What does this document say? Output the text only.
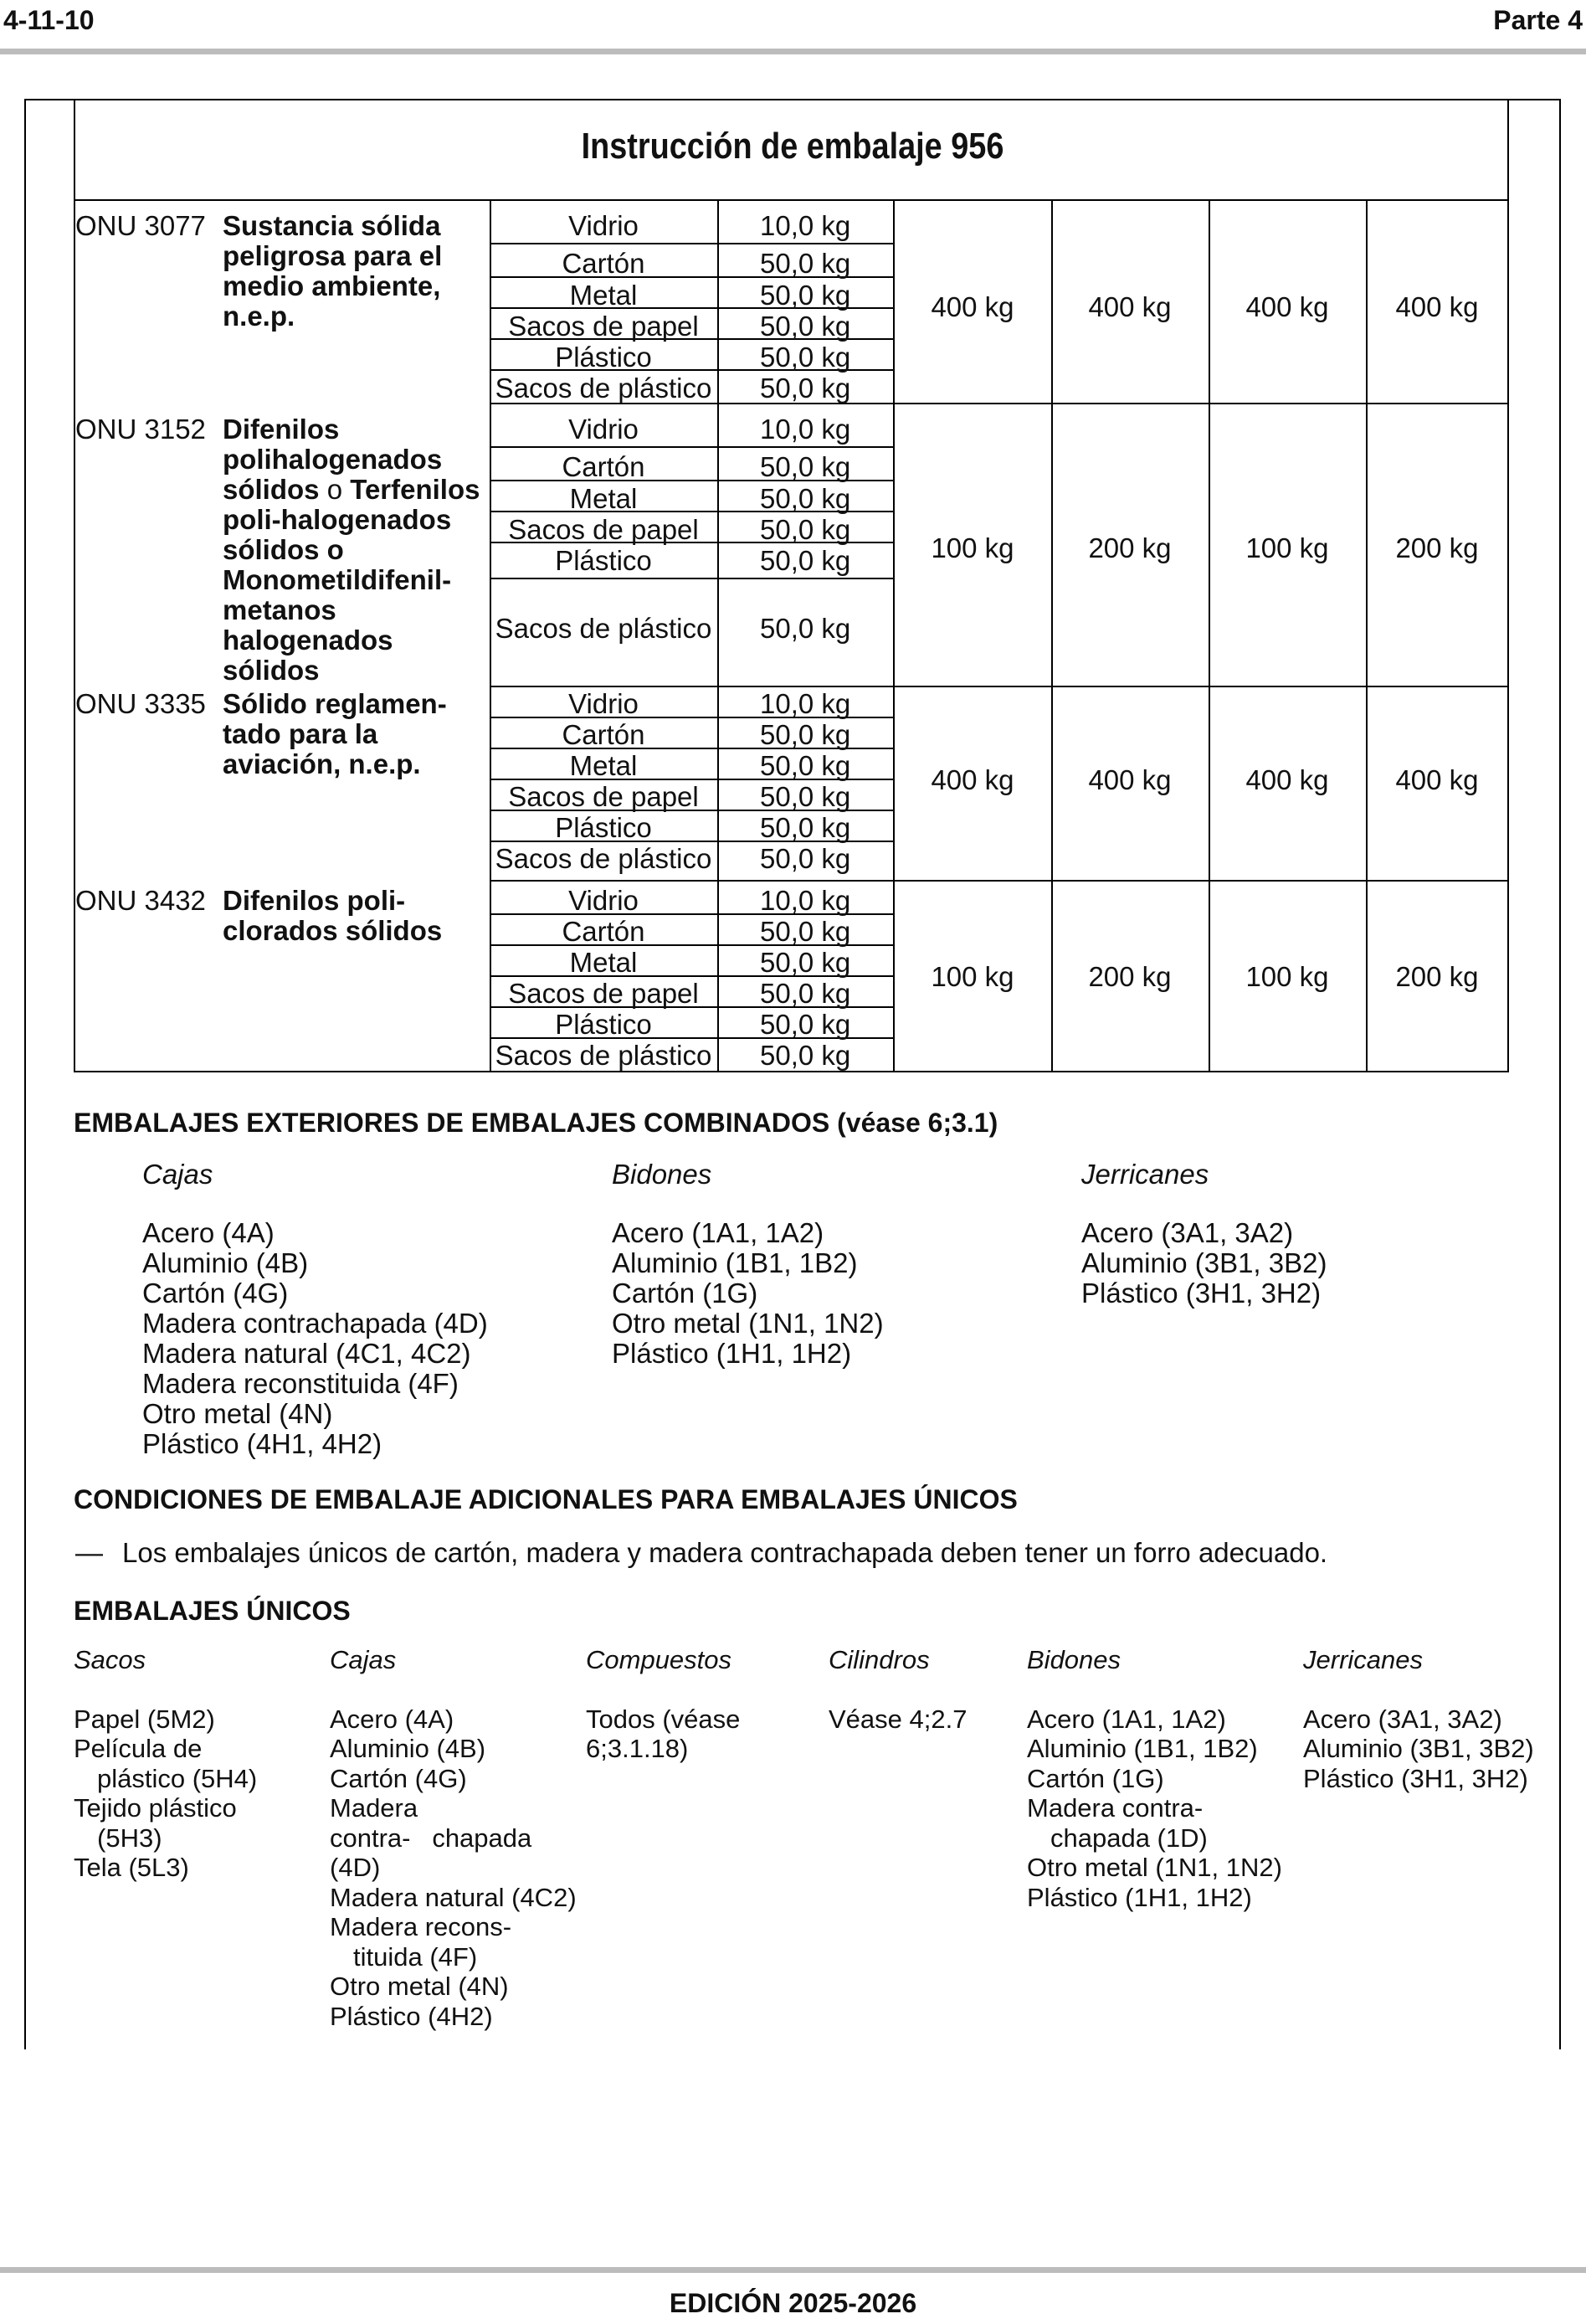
4-11-10	Parte 4
Instrucción de embalaje 956
ONU 3077 Sustancia sólida
peligrosa para el
medio ambiente,
n.e.p.
Vidrio	10,0 kg
Cartón	50,0 kg
Metal	50,0 kg
Sacos de papel	50,0 kg
Plástico	50,0 kg
Sacos de plástico 50,0 kg
400 kg	400 kg	400 kg	400 kg
ONU 3152 Difenilos
polihalogenados
sólidos o Terfenilos
poli-halogenados
sólidos o
Monometildifenil-
metanos
halogenados
sólidos
Vidrio	10,0 kg
Cartón	50,0 kg
Metal	50,0 kg
Sacos de papel	50,0 kg
Plástico	50,0 kg
Sacos de plástico 50,0 kg
100 kg	200 kg	100 kg	200 kg
ONU 3335 Sólido reglamen-
tado para la
aviación, n.e.p.
Vidrio	10,0 kg
Cartón	50,0 kg
Metal	50,0 kg
Sacos de papel	50,0 kg
Plástico	50,0 kg
Sacos de plástico 50,0 kg
400 kg	400 kg	400 kg	400 kg
ONU 3432 Difenilos poli-
clorados sólidos
Vidrio	10,0 kg
Cartón	50,0 kg
Metal	50,0 kg
Sacos de papel	50,0 kg
Plástico	50,0 kg
Sacos de plástico 50,0 kg
100 kg	200 kg	100 kg	200 kg
EMBALAJES EXTERIORES DE EMBALAJES COMBINADOS (véase 6;3.1)
Cajas
Acero (4A)
Aluminio (4B)
Cartón (4G)
Madera contrachapada (4D)
Madera natural (4C1, 4C2)
Madera reconstituida (4F)
Otro metal (4N)
Plástico (4H1, 4H2)
Bidones
Acero (1A1, 1A2)
Aluminio (1B1, 1B2)
Cartón (1G)
Otro metal (1N1, 1N2)
Plástico (1H1, 1H2)
Jerricanes
Acero (3A1, 3A2)
Aluminio (3B1, 3B2)
Plástico (3H1, 3H2)
CONDICIONES DE EMBALAJE ADICIONALES PARA EMBALAJES ÚNICOS
— Los embalajes únicos de cartón, madera y madera contrachapada deben tener un forro adecuado.
EMBALAJES ÚNICOS
Sacos
Papel (5M2)
Película de
plástico (5H4)
Tejido plástico
(5H3)
Tela (5L3)
Cajas
Acero (4A)
Aluminio (4B)
Cartón (4G)
Madera
contra-   chapada
(4D)
Madera natural (4C2)
Madera recons-
tituida (4F)
Otro metal (4N)
Plástico (4H2)
Compuestos
Todos (véase
6;3.1.18)
Cilindros
Véase 4;2.7
Bidones
Acero (1A1, 1A2)
Aluminio (1B1, 1B2)
Cartón (1G)
Madera contra-
chapada (1D)
Otro metal (1N1, 1N2)
Plástico (1H1, 1H2)
Jerricanes
Acero (3A1, 3A2)
Aluminio (3B1, 3B2)
Plástico (3H1, 3H2)
EDICIÓN 2025-2026
